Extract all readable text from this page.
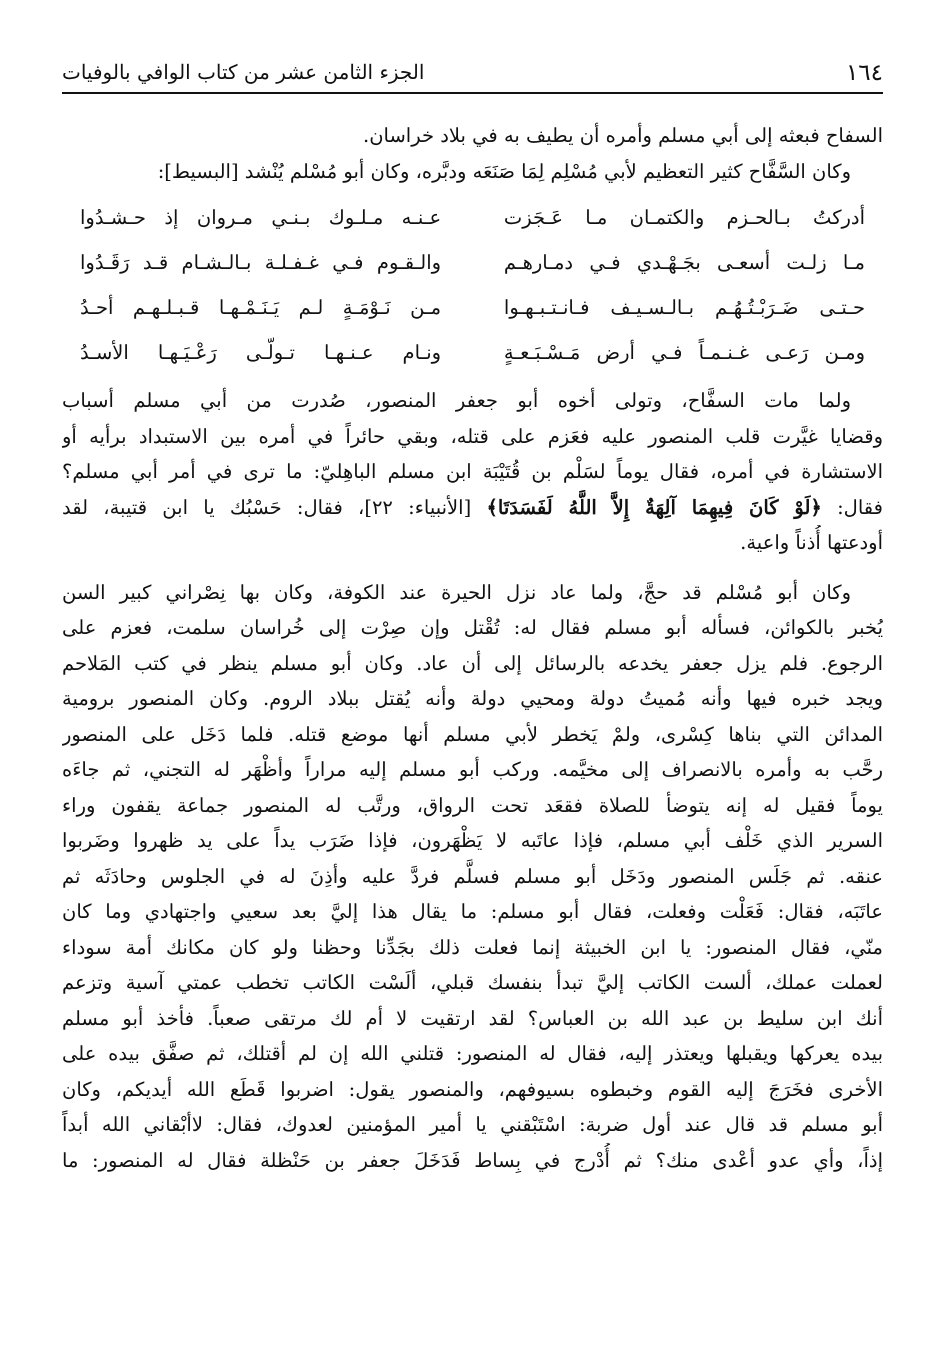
١٦٤
الجزء الثامن عشر من كتاب الوافي بالوفيات
السفاح فبعثه إلى أبي مسلم وأمره أن يطيف به في بلاد خراسان.
وكان السَّفَّاح كثير التعظيم لأبي مُسْلِم لِمَا صَنَعَه ودبَّره، وكان أبو مُسْلم يُنْشد [البسيط]:
أدركتُ بـالحـزم والكتمـان مـا عَـجَزت
عـنـه مـلـوك بـنـي مـروان إذ حـشـدُوا
مـا زلـت أسعـى بجَـهْـدي فـي دمـارهـم
والـقـوم فـي غـفـلـة بـالـشـام قـد رَقَـدُوا
حـتـى ضَـرَبْـتُـهُـم بـالـسـيـف فـانـتـبـهـوا
مـن نَـوْمَـةٍ لـم يَـنَـمْـهـا قـبـلـهـم أحـدُ
ومـن رَعـى غـنـمـاً فـي أرض مَـسْـبَـعـةٍ
ونـام عـنـهـا تـولّـى رَعْـيَـهـا الأسـدُ
ولما مات السفَّاح، وتولى أخوه أبو جعفر المنصور، صُدرت من أبي مسلم أسباب
وقضايا غيَّرت قلب المنصور عليه فعَزم على قتله، وبقي حائراً في أمره بين الاستبداد برأيه أو
الاستشارة في أمره، فقال يوماً لسَلْم بن قُتَيْبَة ابن مسلم الباهِليّ: ما ترى في أمر أبي مسلم؟
فقال: ﴿لَوْ كَانَ فِيهِمَا آلِهَةٌ إِلاَّ اللَّهُ لَفَسَدَتَا﴾ [الأنبياء: ٢٢]، فقال: حَسْبُك يا ابن قتيبة، لقد
أودعتها أُذناً واعية.
وكان أبو مُسْلم قد حجَّ، ولما عاد نزل الحيرة عند الكوفة، وكان بها نِصْراني كبير السن
يُخبر بالكوائن، فسأله أبو مسلم فقال له: تُقْتل وإن صِرْت إلى خُراسان سلمت، فعزم على
الرجوع. فلم يزل جعفر يخدعه بالرسائل إلى أن عاد. وكان أبو مسلم ينظر في كتب المَلاحم
ويجد خبره فيها وأنه مُميتُ دولة ومحيي دولة وأنه يُقتل ببلاد الروم. وكان المنصور برومية
المدائن التي بناها كِسْرى، ولمْ يَخطر لأبي مسلم أنها موضع قتله. فلما دَخَل على المنصور
رحَّب به وأمره بالانصراف إلى مخيَّمه. وركب أبو مسلم إليه مراراً وأظْهَر له التجني، ثم جاءَه
يوماً فقيل له إنه يتوضأ للصلاة فقعَد تحت الرواق، ورتَّب له المنصور جماعة يقفون وراء
السرير الذي خَلْف أبي مسلم، فإذا عاتَبه لا يَظْهَرون، فإذا ضَرَب يداً على يد ظهروا وضَربوا
عنقه. ثم جَلَس المنصور ودَخَل أبو مسلم فسلَّم فردَّ عليه وأذِنَ له في الجلوس وحادَثَه ثم
عاتَبَه، فقال: فَعَلْت وفعلت، فقال أبو مسلم: ما يقال هذا إليَّ بعد سعيي واجتهادي وما كان
منّي، فقال المنصور: يا ابن الخبيثة إنما فعلت ذلك بجَدِّنا وحظنا ولو كان مكانك أمة سوداء
لعملت عملك، ألست الكاتب إليَّ تبدأ بنفسك قبلي، ألَسْت الكاتب تخطب عمتي آسية وتزعم
أنك ابن سليط بن عبد الله بن العباس؟ لقد ارتقيت لا أم لك مرتقى صعباً. فأخذ أبو مسلم
بيده يعركها ويقبلها ويعتذر إليه، فقال له المنصور: قتلني الله إن لم أقتلك، ثم صفَّق بيده على
الأخرى فخَرَجَ إليه القوم وخبطوه بسيوفهم، والمنصور يقول: اضربوا قَطَع الله أيديكم، وكان
أبو مسلم قد قال عند أول ضربة: اسْتَبْقني يا أمير المؤمنين لعدوك، فقال: لاأبْقاني الله أبداً
إذاً، وأي عدو أعْدى منك؟ ثم أُدْرج في بِساط فَدَخَلَ جعفر بن حَنْظلة فقال له المنصور: ما
